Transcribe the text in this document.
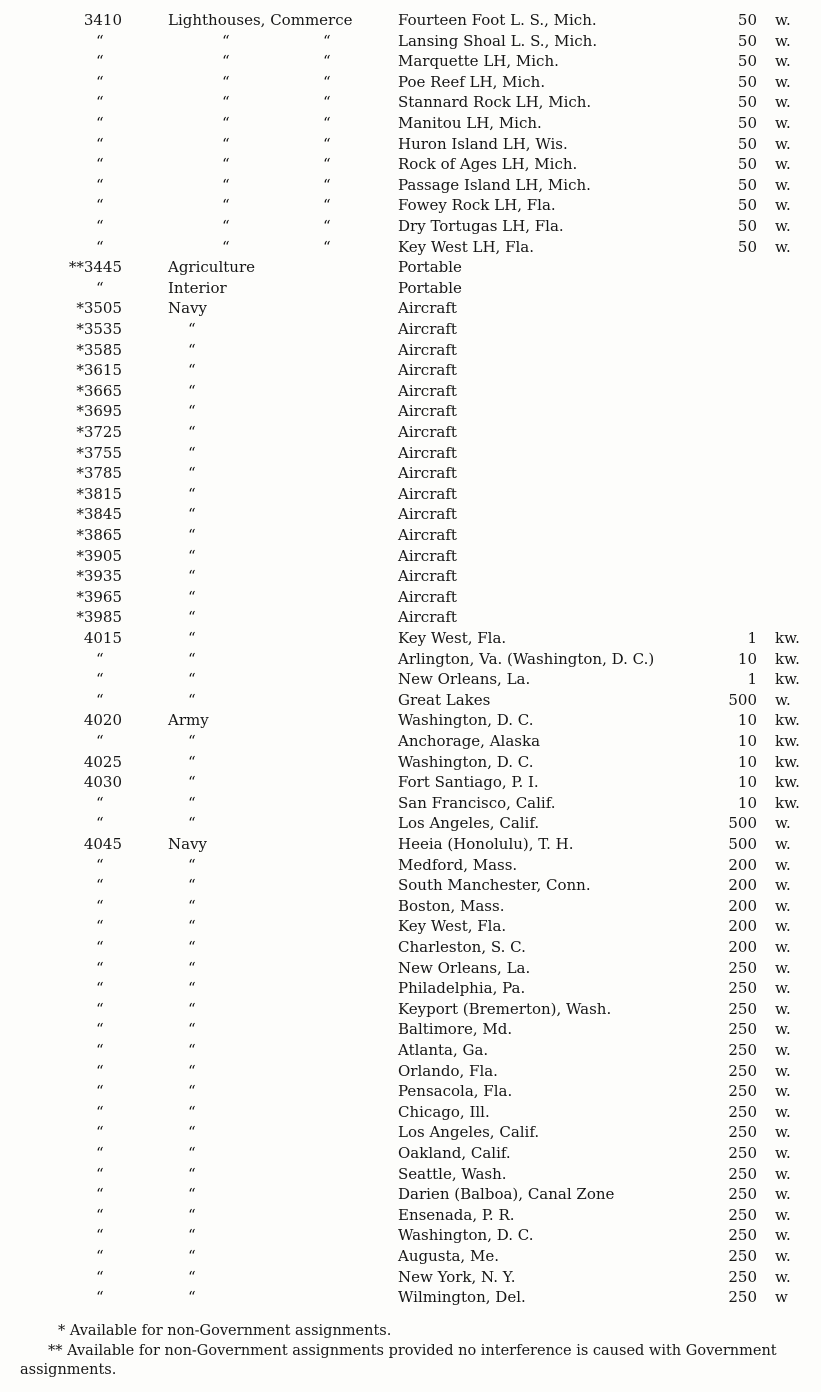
3410	Lighthouses, Commerce	Fourteen Foot L. S., Mich.	50 w.
“	“	“	Lansing Shoal L. S., Mich.	50 w.
“	“	“	Marquette LH, Mich.	50 w.
“	“	“	Poe Reef LH, Mich.	50 w.
“	“	“	Stannard Rock LH, Mich.	50 w.
“	“	“	Manitou LH, Mich.	50 w.
“	“	“	Huron Island LH, Wis.	50 w.
“	“	“	Rock of Ages LH, Mich.	50 w.
“	“	“	Passage Island LH, Mich.	50 w.
“	“	“	Fowey Rock LH, Fla.	50 w.
“	“	“	Dry Tortugas LH, Fla.	50 w.
“	“	“	Key West LH, Fla.	50 w.
**3445	Agriculture	Portable
“	Interior	Portable
*3505	Navy	Aircraft
*3535	“	Aircraft
*3585	“	Aircraft
*3615	“	Aircraft
*3665	“	Aircraft
*3695	“	Aircraft
*3725	“	Aircraft
*3755	“	Aircraft
*3785	“	Aircraft
*3815	“	Aircraft
*3845	“	Aircraft
*3865	“	Aircraft
*3905	“	Aircraft
*3935	“	Aircraft
*3965	“	Aircraft
*3985	“	Aircraft
4015	“	Key West, Fla.	1 kw.
“	“	Arlington, Va. (Washington, D. C.)	10 kw.
“	“	New Orleans, La.	1 kw.
“	“	Great Lakes	500 w.
4020	Army	Washington, D. C.	10 kw.
“	“	Anchorage, Alaska	10 kw.
4025	“	Washington, D. C.	10 kw.
4030	“	Fort Santiago, P. I.	10 kw.
“	“	San Francisco, Calif.	10 kw.
“	“	Los Angeles, Calif.	500 w.
4045	Navy	Heeia (Honolulu), T. H.	500 w.
“	“	Medford, Mass.	200 w.
“	“	South Manchester, Conn.	200 w.
“	“	Boston, Mass.	200 w.
“	“	Key West, Fla.	200 w.
“	“	Charleston, S. C.	200 w.
“	“	New Orleans, La.	250 w.
“	“	Philadelphia, Pa.	250 w.
“	“	Keyport (Bremerton), Wash.	250 w.
“	“	Baltimore, Md.	250 w.
“	“	Atlanta, Ga.	250 w.
“	“	Orlando, Fla.	250 w.
“	“	Pensacola, Fla.	250 w.
“	“	Chicago, Ill.	250 w.
“	“	Los Angeles, Calif.	250 w.
“	“	Oakland, Calif.	250 w.
“	“	Seattle, Wash.	250 w.
“	“	Darien (Balboa), Canal Zone	250 w.
“	“	Ensenada, P. R.	250 w.
“	“	Washington, D. C.	250 w.
“	“	Augusta, Me.	250 w.
“	“	New York, N. Y.	250 w.
“	“	Wilmington, Del.	250 w
* Available for non-Government assignments.
** Available for non-Government assignments provided no interference is caused with Government assignments.
